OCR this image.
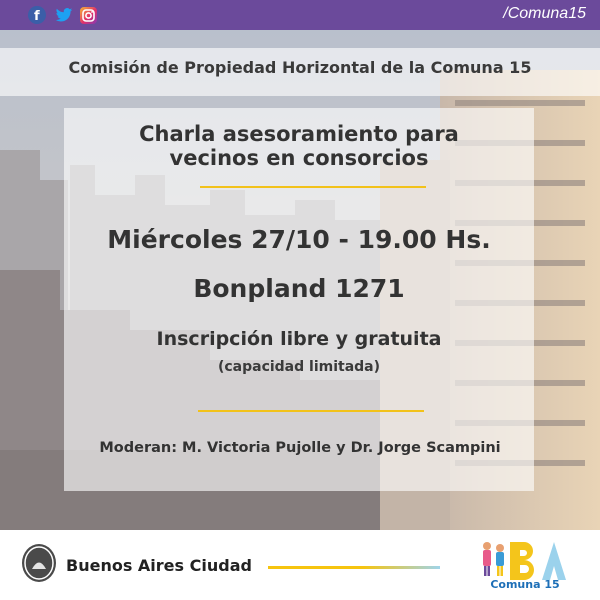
f	/Comuna15
Comisión de Propiedad Horizontal de la Comuna 15
Charla asesoramiento para
vecinos en consorcios
Miércoles 27/10 - 19.00 Hs.
Bonpland 1271
Inscripción libre y gratuita
(capacidad limitada)
Moderan: M. Victoria Pujolle y Dr. Jorge Scampini
Buenos Aires Ciudad
Comuna 15
